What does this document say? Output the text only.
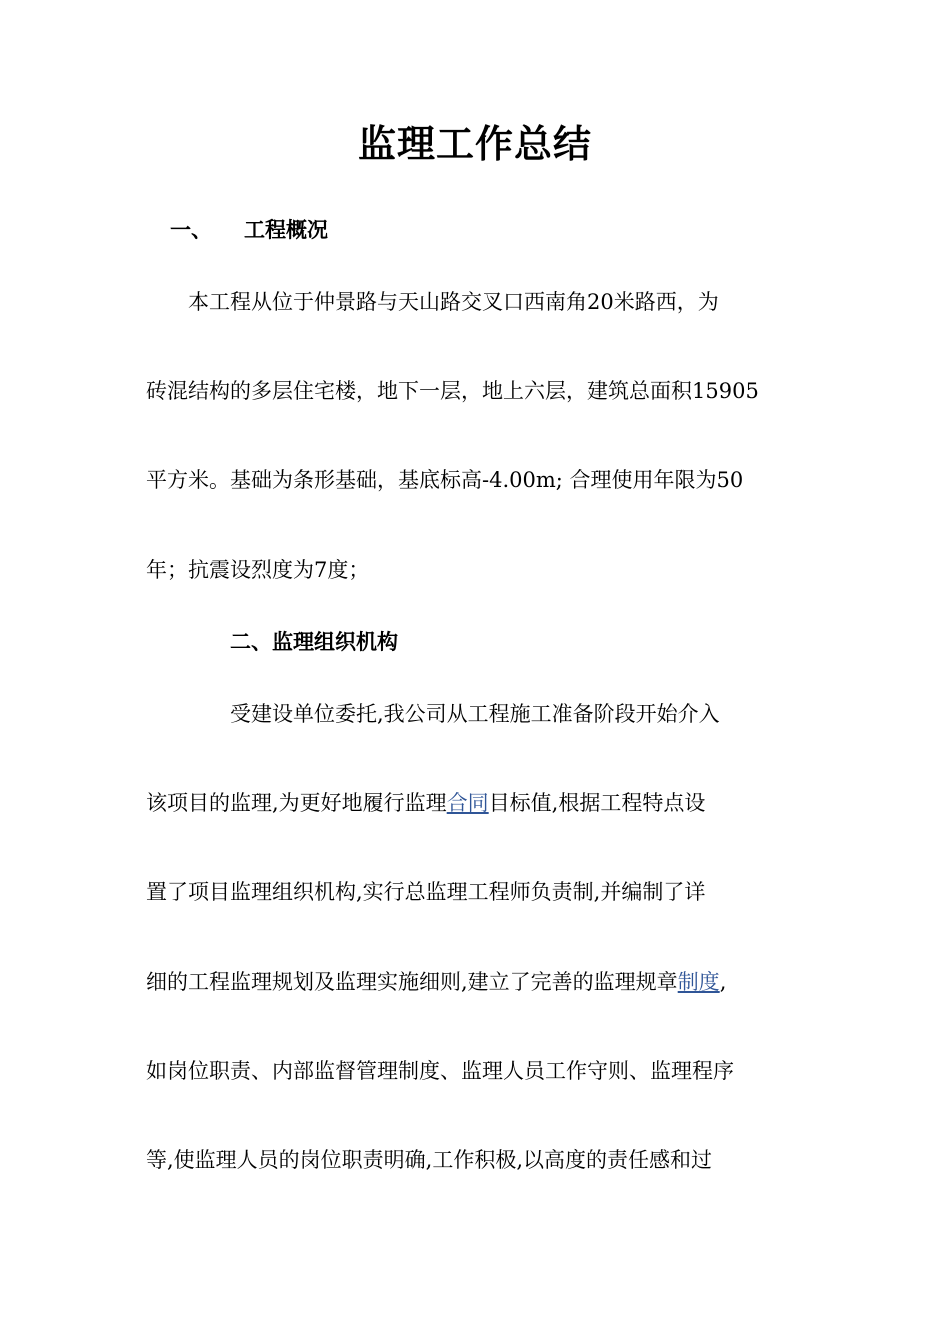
监理工作总结
一、 工程概况
本工程从位于仲景路与天山路交叉口西南角20米路西，为
砖混结构的多层住宅楼，地下一层，地上六层，建筑总面积15905
平方米。基础为条形基础，基底标高-4.00m; 合理使用年限为50
年；抗震设烈度为7度；
二、监理组织机构
受建设单位委托,我公司从工程施工准备阶段开始介入
该项目的监理,为更好地履行监理合同目标值,根据工程特点设
置了项目监理组织机构,实行总监理工程师负责制,并编制了详
细的工程监理规划及监理实施细则,建立了完善的监理规章制度,
如岗位职责、内部监督管理制度、监理人员工作守则、监理程序
等,使监理人员的岗位职责明确,工作积极,以高度的责任感和过
